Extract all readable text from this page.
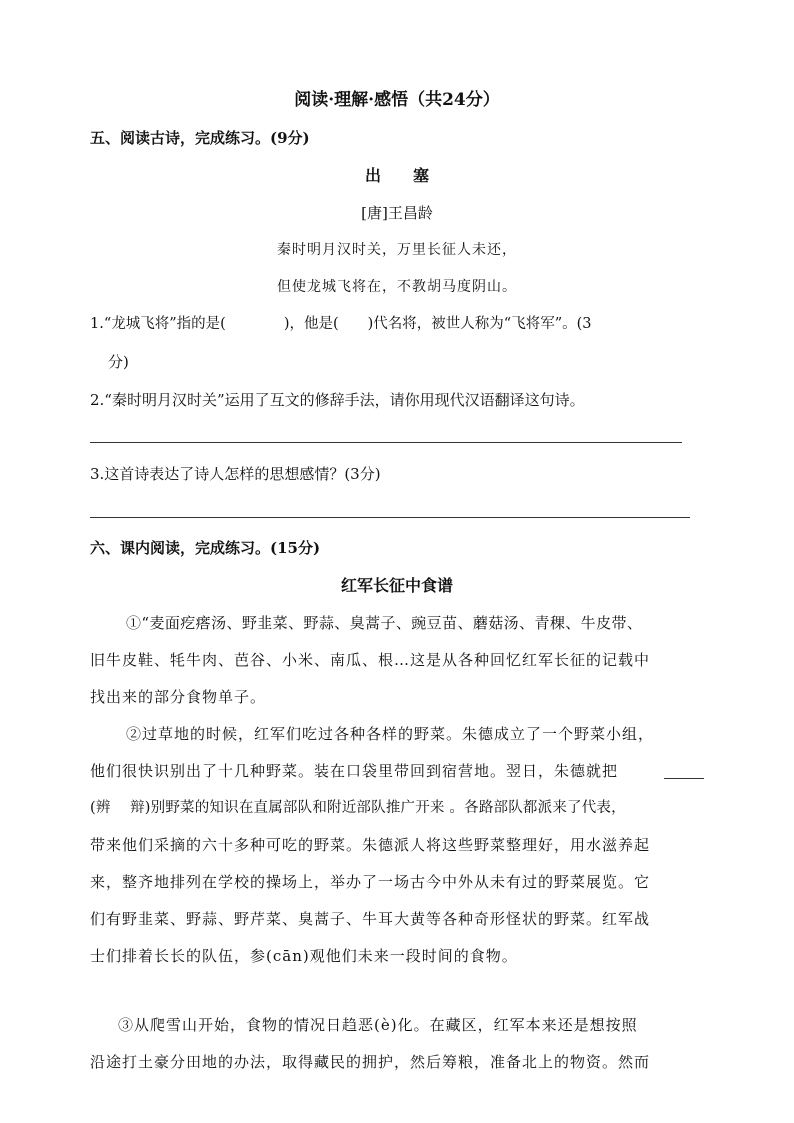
阅读·理解·感悟（共24分）
五、阅读古诗，完成练习。(9分)
出　　塞
[唐]王昌龄
秦时明月汉时关，万里长征人未还，
但使龙城飞将在，不教胡马度阴山。
1.“龙城飞将”指的是(　　　　)，他是(　　)代名将，被世人称为“飞将军”。(3
分)
2.“秦时明月汉时关”运用了互文的修辞手法，请你用现代汉语翻译这句诗。
3.这首诗表达了诗人怎样的思想感情？(3分)
六、课内阅读，完成练习。(15分)
红军长征中食谱
①“麦面疙瘩汤、野韭菜、野蒜、臭蒿子、豌豆苗、蘑菇汤、青稞、牛皮带、
旧牛皮鞋、牦牛肉、芭谷、小米、南瓜、根…这是从各种回忆红军长征的记载中
找出来的部分食物单子。
②过草地的时候，红军们吃过各种各样的野菜。朱德成立了一个野菜小组，
他们很快识别出了十几种野菜。装在口袋里带回到宿营地。翌日，朱德就把
(辨　 辩)别野菜的知识在直属部队和附近部队推广开来 。各路部队都派来了代表，
带来他们采摘的六十多种可吃的野菜。朱德派人将这些野菜整理好，用水滋养起
来，整齐地排列在学校的操场上，举办了一场古今中外从未有过的野菜展览。它
们有野韭菜、野蒜、野芹菜、臭蒿子、牛耳大黄等各种奇形怪状的野菜。红军战
士们排着长长的队伍，参(cān)观他们未来一段时间的食物。
③从爬雪山开始，食物的情况日趋恶(è)化。在藏区，红军本来还是想按照
沿途打土豪分田地的办法，取得藏民的拥护，然后筹粮，准备北上的物资。然而
